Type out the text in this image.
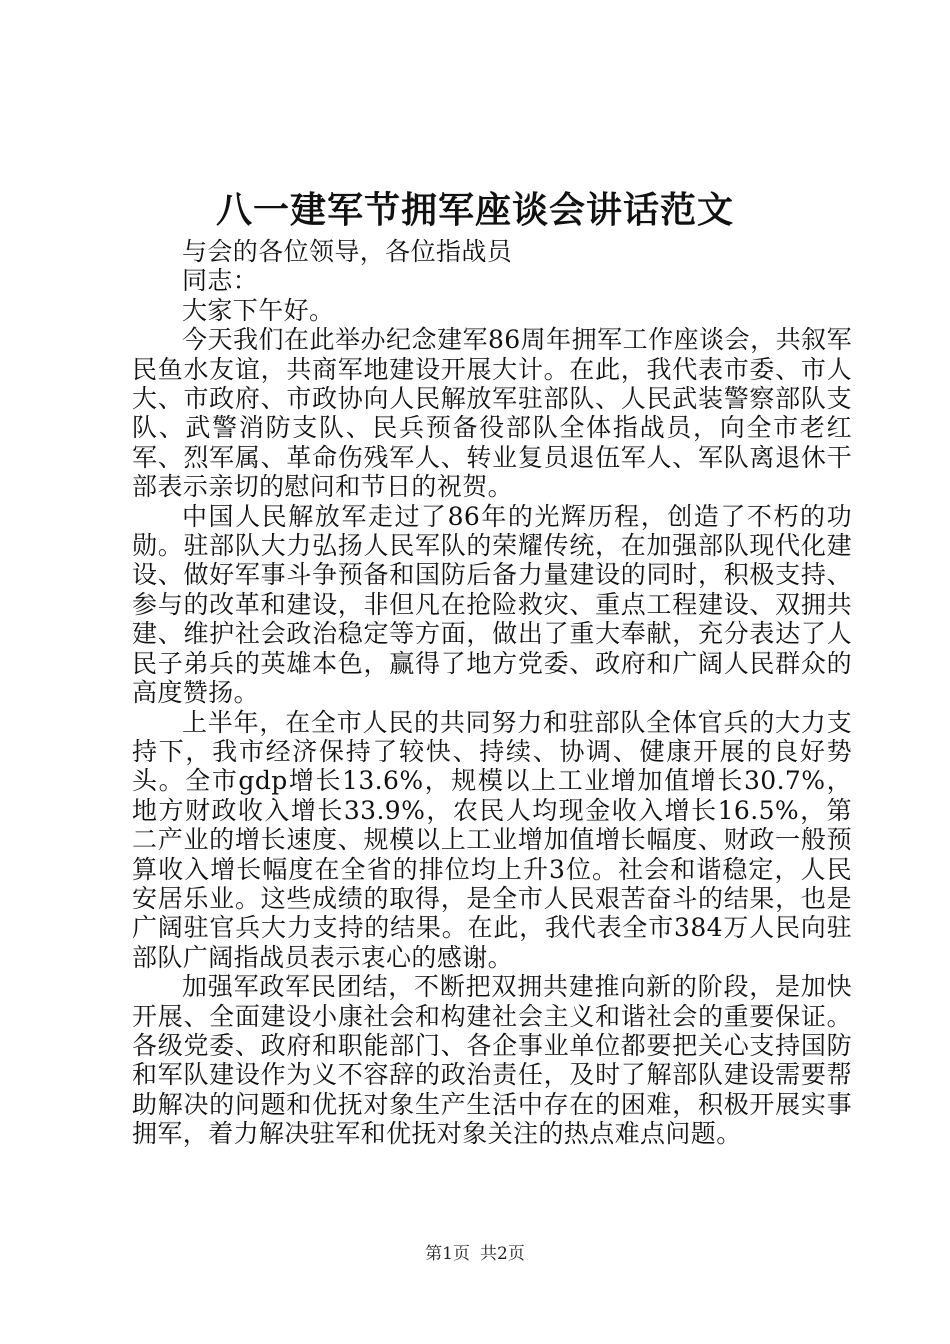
八一建军节拥军座谈会讲话范文

与会的各位领导，各位指战员

同志：

大家下午好。

今天我们在此举办纪念建军86周年拥军工作座谈会，共叙军民鱼水友谊，共商军地建设开展大计。在此，我代表市委、市人大、市政府、市政协向人民解放军驻部队、人民武装警察部队支队、武警消防支队、民兵预备役部队全体指战员，向全市老红军、烈军属、革命伤残军人、转业复员退伍军人、军队离退休干部表示亲切的慰问和节日的祝贺。

中国人民解放军走过了86年的光辉历程，创造了不朽的功勋。驻部队大力弘扬人民军队的荣耀传统，在加强部队现代化建设、做好军事斗争预备和国防后备力量建设的同时，积极支持、参与的改革和建设，非但凡在抢险救灾、重点工程建设、双拥共建、维护社会政治稳定等方面，做出了重大奉献，充分表达了人民子弟兵的英雄本色，赢得了地方党委、政府和广阔人民群众的高度赞扬。

上半年，在全市人民的共同努力和驻部队全体官兵的大力支持下，我市经济保持了较快、持续、协调、健康开展的良好势头。全市gdp增长13.6%，规模以上工业增加值增长30.7%，地方财政收入增长33.9%，农民人均现金收入增长16.5%，第二产业的增长速度、规模以上工业增加值增长幅度、财政一般预算收入增长幅度在全省的排位均上升3位。社会和谐稳定，人民安居乐业。这些成绩的取得，是全市人民艰苦奋斗的结果，也是广阔驻官兵大力支持的结果。在此，我代表全市384万人民向驻部队广阔指战员表示衷心的感谢。

加强军政军民团结，不断把双拥共建推向新的阶段，是加快开展、全面建设小康社会和构建社会主义和谐社会的重要保证。各级党委、政府和职能部门、各企事业单位都要把关心支持国防和军队建设作为义不容辞的政治责任，及时了解部队建设需要帮助解决的问题和优抚对象生产生活中存在的困难，积极开展实事拥军，着力解决驻军和优抚对象关注的热点难点问题。

第1页 共2页
